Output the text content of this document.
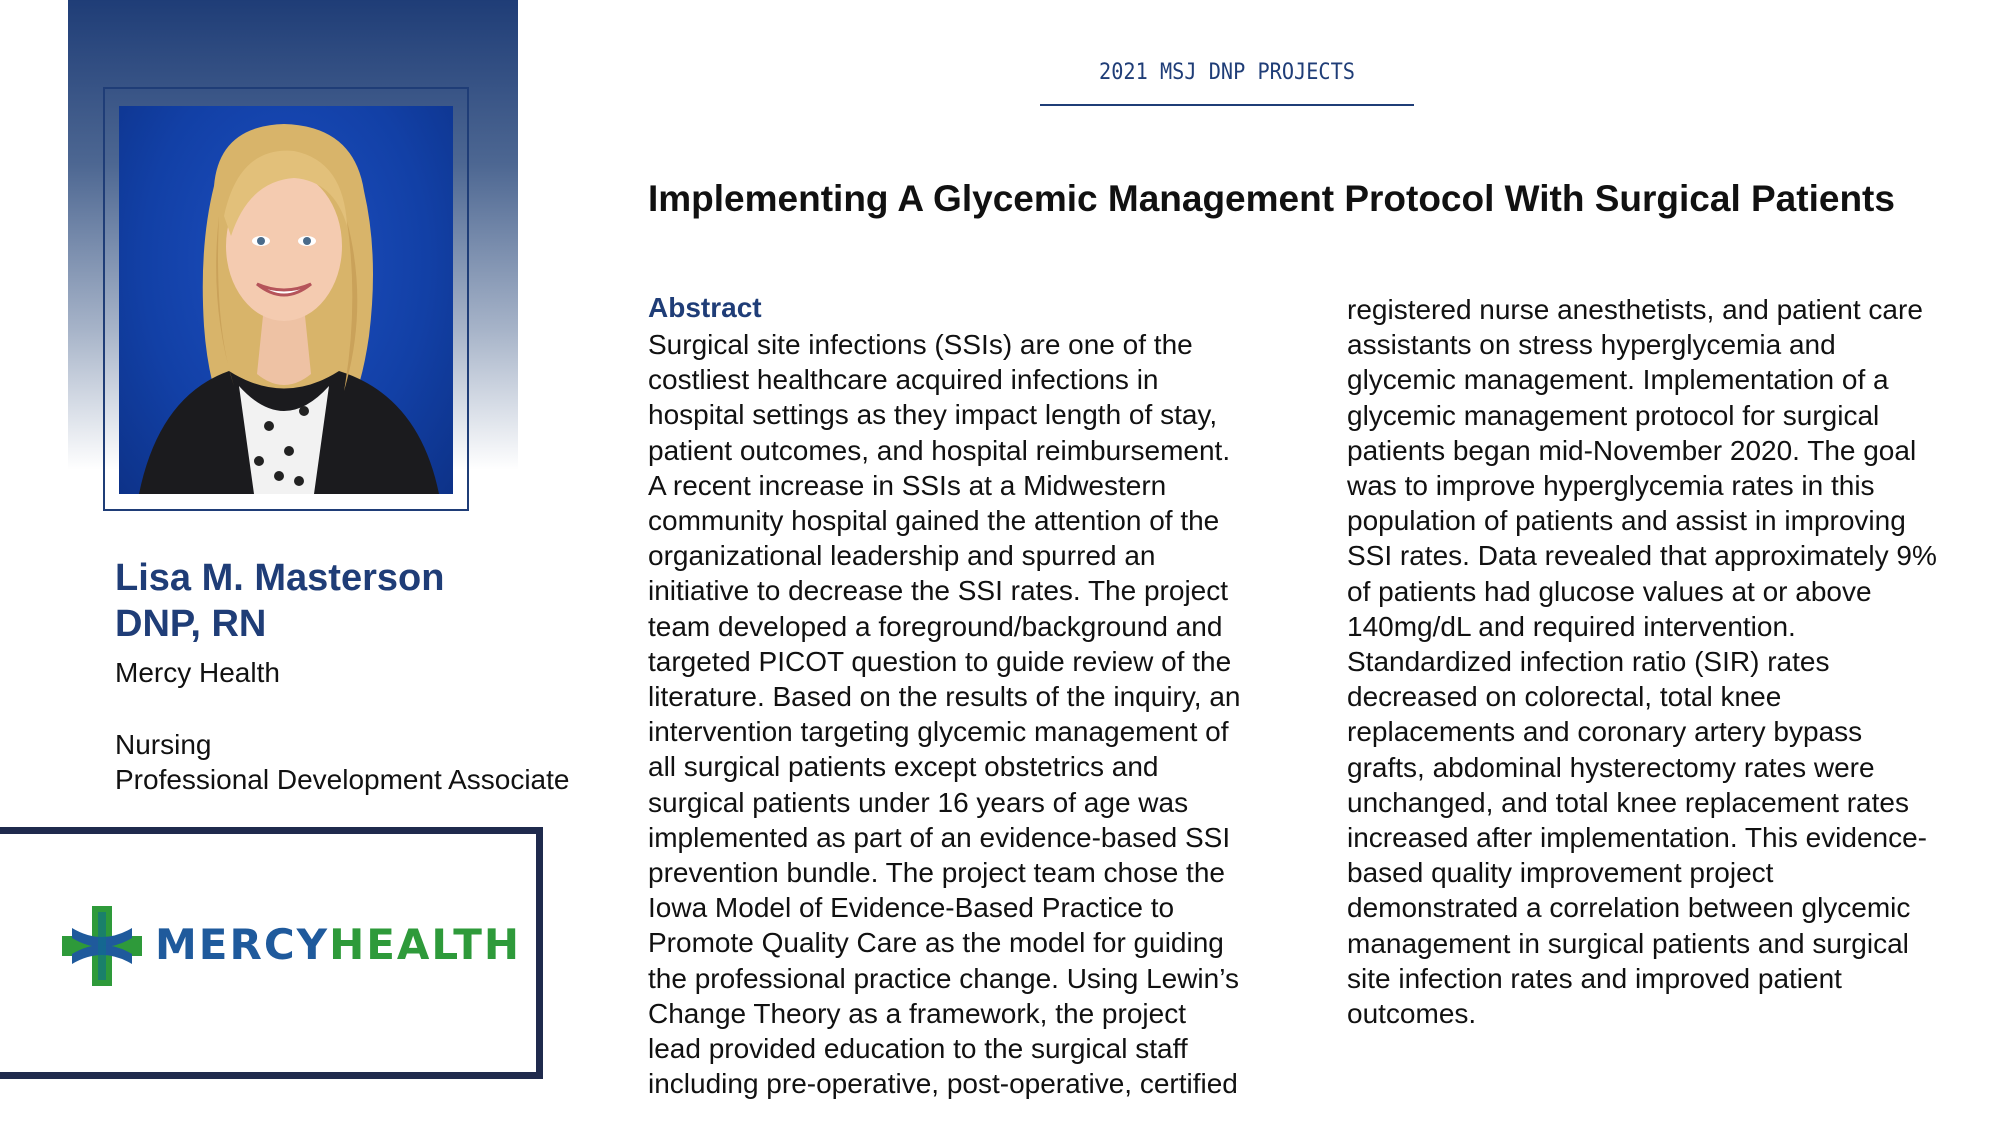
Lisa M. Masterson
DNP, RN
Mercy Health
Nursing
Professional Development Associate
MERCYHEALTH
2021 MSJ DNP PROJECTS
Implementing A Glycemic Management Protocol With Surgical Patients
Abstract
Surgical site infections (SSIs) are one of the
costliest healthcare acquired infections in
hospital settings as they impact length of stay,
patient outcomes, and hospital reimbursement.
A recent increase in SSIs at a Midwestern
community hospital gained the attention of the
organizational leadership and spurred an
initiative to decrease the SSI rates. The project
team developed a foreground/background and
targeted PICOT question to guide review of the
literature. Based on the results of the inquiry, an
intervention targeting glycemic management of
all surgical patients except obstetrics and
surgical patients under 16 years of age was
implemented as part of an evidence-based SSI
prevention bundle. The project team chose the
Iowa Model of Evidence-Based Practice to
Promote Quality Care as the model for guiding
the professional practice change. Using Lewin’s
Change Theory as a framework, the project
lead provided education to the surgical staff
including pre-operative, post-operative, certified
registered nurse anesthetists, and patient care
assistants on stress hyperglycemia and
glycemic management. Implementation of a
glycemic management protocol for surgical
patients began mid-November 2020. The goal
was to improve hyperglycemia rates in this
population of patients and assist in improving
SSI rates. Data revealed that approximately 9%
of patients had glucose values at or above
140mg/dL and required intervention.
Standardized infection ratio (SIR) rates
decreased on colorectal, total knee
replacements and coronary artery bypass
grafts, abdominal hysterectomy rates were
unchanged, and total knee replacement rates
increased after implementation. This evidence-
based quality improvement project
demonstrated a correlation between glycemic
management in surgical patients and surgical
site infection rates and improved patient
outcomes.
